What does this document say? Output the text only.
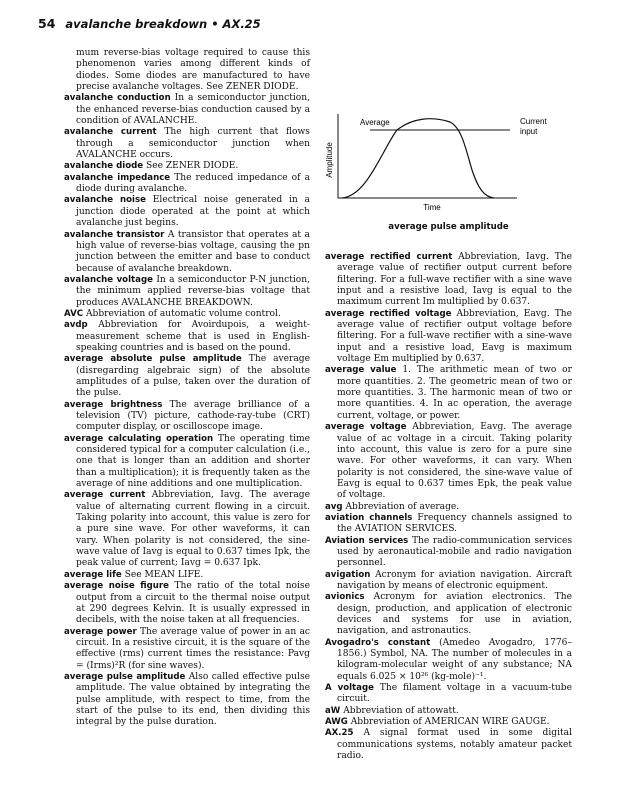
54 avalanche breakdown • AX.25

mum reverse-bias voltage required to cause this phenomenon varies among different kinds of diodes. Some diodes are manufactured to have precise avalanche voltages. See ZENER DIODE.

avalanche conduction In a semiconductor junction, the enhanced reverse-bias conduction caused by a condition of AVALANCHE.

avalanche current The high current that flows through a semiconductor junction when AVALANCHE occurs.

avalanche diode See ZENER DIODE.

avalanche impedance The reduced impedance of a diode during avalanche.

avalanche noise Electrical noise generated in a junction diode operated at the point at which avalanche just begins.

avalanche transistor A transistor that operates at a high value of reverse-bias voltage, causing the pn junction between the emitter and base to conduct because of avalanche breakdown.

avalanche voltage In a semiconductor P-N junction, the minimum applied reverse-bias voltage that produces AVALANCHE BREAKDOWN.

AVC Abbreviation of automatic volume control.

avdp Abbreviation for Avoirdupois, a weight-measurement scheme that is used in English-speaking countries and is based on the pound.

average absolute pulse amplitude The average (disregarding algebraic sign) of the absolute amplitudes of a pulse, taken over the duration of the pulse.

average brightness The average brilliance of a television (TV) picture, cathode-ray-tube (CRT) computer display, or oscilloscope image.

average calculating operation The operating time considered typical for a computer calculation (i.e., one that is longer than an addition and shorter than a multiplication); it is frequently taken as the average of nine additions and one multiplication.

average current Abbreviation, Iavg. The average value of alternating current flowing in a circuit. Taking polarity into account, this value is zero for a pure sine wave. For other waveforms, it can vary. When polarity is not considered, the sine-wave value of Iavg is equal to 0.637 times Ipk, the peak value of current; Iavg = 0.637 Ipk.

average life See MEAN LIFE.

average noise figure The ratio of the total noise output from a circuit to the thermal noise output at 290 degrees Kelvin. It is usually expressed in decibels, with the noise taken at all frequencies.

average power The average value of power in an ac circuit. In a resistive circuit, it is the square of the effective (rms) current times the resistance: Pavg = (Irms)²R (for sine waves).

average pulse amplitude Also called effective pulse amplitude. The value obtained by integrating the pulse amplitude, with respect to time, from the start of the pulse to its end, then dividing this integral by the pulse duration.

Amplitude
Time
Average	Current
input
average pulse amplitude

average rectified current Abbreviation, Iavg. The average value of rectifier output current before filtering. For a full-wave rectifier with a sine wave input and a resistive load, Iavg is equal to the maximum current Im multiplied by 0.637.

average rectified voltage Abbreviation, Eavg. The average value of rectifier output voltage before filtering. For a full-wave rectifier with a sine-wave input and a resistive load, Eavg is maximum voltage Em multiplied by 0.637.

average value 1. The arithmetic mean of two or more quantities. 2. The geometric mean of two or more quantities. 3. The harmonic mean of two or more quantities. 4. In ac operation, the average current, voltage, or power.

average voltage Abbreviation, Eavg. The average value of ac voltage in a circuit. Taking polarity into account, this value is zero for a pure sine wave. For other waveforms, it can vary. When polarity is not considered, the sine-wave value of Eavg is equal to 0.637 times Epk, the peak value of voltage.

avg Abbreviation of average.

aviation channels Frequency channels assigned to the AVIATION SERVICES.

Aviation services The radio-communication services used by aeronautical-mobile and radio navigation personnel.

avigation Acronym for aviation navigation. Aircraft navigation by means of electronic equipment.

avionics Acronym for aviation electronics. The design, production, and application of electronic devices and systems for use in aviation, navigation, and astronautics.

Avogadro's constant (Amedeo Avogadro, 1776–1856.) Symbol, NA. The number of molecules in a kilogram-molecular weight of any substance; NA equals 6.025 × 10²⁶ (kg-mole)⁻¹.

A voltage The filament voltage in a vacuum-tube circuit.

aW Abbreviation of attowatt.

AWG Abbreviation of AMERICAN WIRE GAUGE.

AX.25 A signal format used in some digital communications systems, notably amateur packet radio.
